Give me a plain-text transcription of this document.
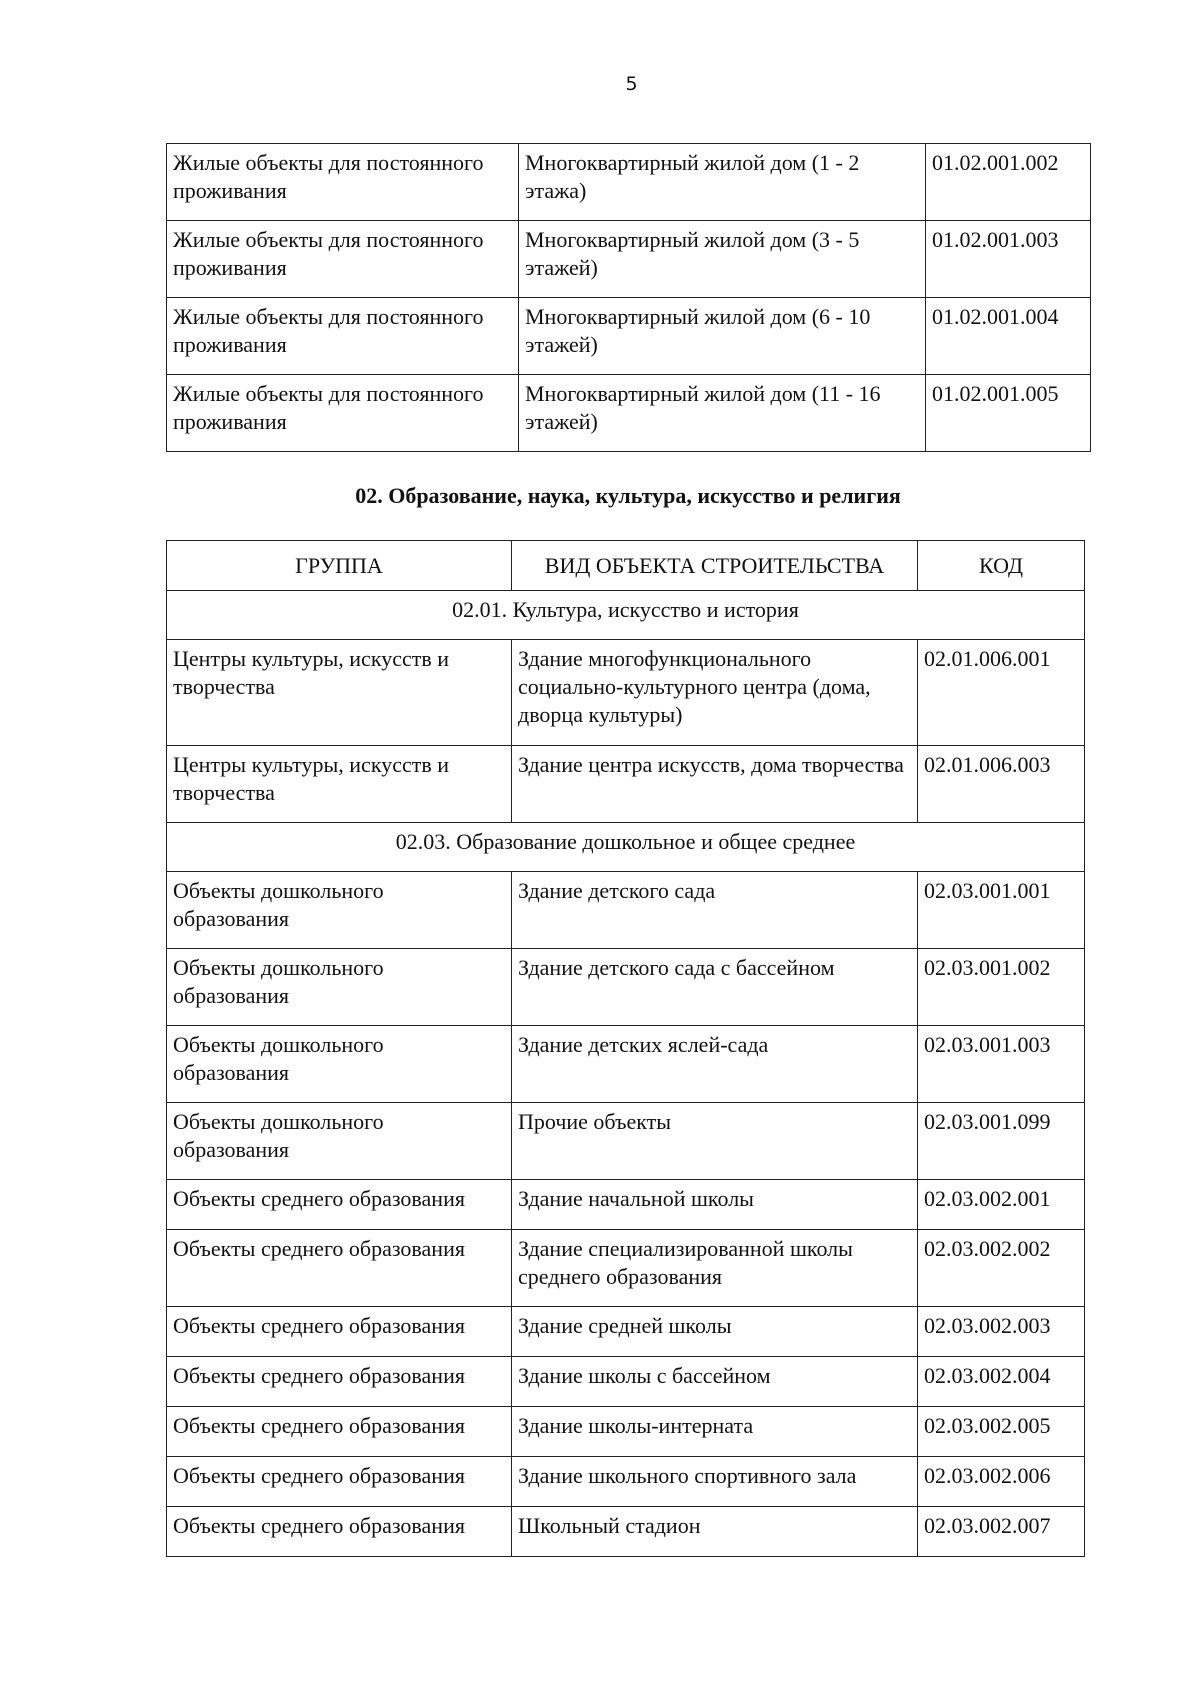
5
Жилые объекты для постоянного проживания	Многоквартирный жилой дом (1 - 2 этажа)	01.02.001.002
Жилые объекты для постоянного проживания	Многоквартирный жилой дом (3 - 5 этажей)	01.02.001.003
Жилые объекты для постоянного проживания	Многоквартирный жилой дом (6 - 10 этажей)	01.02.001.004
Жилые объекты для постоянного проживания	Многоквартирный жилой дом (11 - 16 этажей)	01.02.001.005
02. Образование, наука, культура, искусство и религия
ГРУППА	ВИД ОБЪЕКТА СТРОИТЕЛЬСТВА	КОД
02.01. Культура, искусство и история		
Центры культуры, искусств и творчества	Здание многофункционального социально-культурного центра (дома, дворца культуры)	02.01.006.001
Центры культуры, искусств и творчества	Здание центра искусств, дома творчества	02.01.006.003
02.03. Образование дошкольное и общее среднее		
Объекты дошкольного образования	Здание детского сада	02.03.001.001
Объекты дошкольного образования	Здание детского сада с бассейном	02.03.001.002
Объекты дошкольного образования	Здание детских яслей-сада	02.03.001.003
Объекты дошкольного образования	Прочие объекты	02.03.001.099
Объекты среднего образования	Здание начальной школы	02.03.002.001
Объекты среднего образования	Здание специализированной школы среднего образования	02.03.002.002
Объекты среднего образования	Здание средней школы	02.03.002.003
Объекты среднего образования	Здание школы с бассейном	02.03.002.004
Объекты среднего образования	Здание школы-интерната	02.03.002.005
Объекты среднего образования	Здание школьного спортивного зала	02.03.002.006
Объекты среднего образования	Школьный стадион	02.03.002.007
